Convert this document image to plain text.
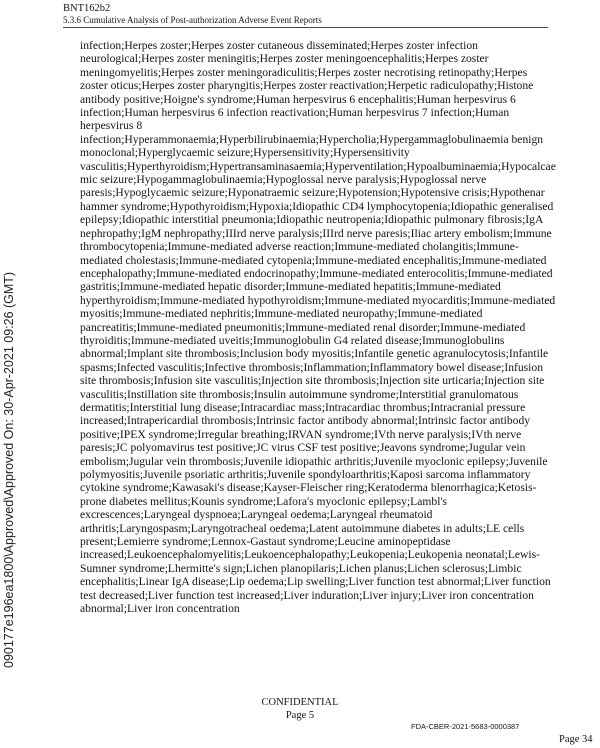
BNT162b2
5.3.6 Cumulative Analysis of Post-authorization Adverse Event Reports
090177e196ea1800\Approved\Approved On: 30-Apr-2021 09:26 (GMT)

infection;Herpes zoster;Herpes zoster cutaneous disseminated;Herpes zoster infection neurological;Herpes zoster meningitis;Herpes zoster meningoencephalitis;Herpes zoster meningomyelitis;Herpes zoster meningoradiculitis;Herpes zoster necrotising retinopathy;Herpes zoster oticus;Herpes zoster pharyngitis;Herpes zoster reactivation;Herpetic radiculopathy;Histone antibody positive;Hoigne's syndrome;Human herpesvirus 6 encephalitis;Human herpesvirus 6 infection;Human herpesvirus 6 infection reactivation;Human herpesvirus 7 infection;Human herpesvirus 8 infection;Hyperammonaemia;Hyperbilirubinaemia;Hypercholia;Hypergammaglobulinaemia benign monoclonal;Hyperglycaemic seizure;Hypersensitivity;Hypersensitivity vasculitis;Hyperthyroidism;Hypertransaminasaemia;Hyperventilation;Hypoalbuminaemia;Hypocalcaemic seizure;Hypogammaglobulinaemia;Hypoglossal nerve paralysis;Hypoglossal nerve paresis;Hypoglycaemic seizure;Hyponatraemic seizure;Hypotension;Hypotensive crisis;Hypothenar hammer syndrome;Hypothyroidism;Hypoxia;Idiopathic CD4 lymphocytopenia;Idiopathic generalised epilepsy;Idiopathic interstitial pneumonia;Idiopathic neutropenia;Idiopathic pulmonary fibrosis;IgA nephropathy;IgM nephropathy;IIIrd nerve paralysis;IIIrd nerve paresis;Iliac artery embolism;Immune thrombocytopenia;Immune-mediated adverse reaction;Immune-mediated cholangitis;Immune-mediated cholestasis;Immune-mediated cytopenia;Immune-mediated encephalitis;Immune-mediated encephalopathy;Immune-mediated endocrinopathy;Immune-mediated enterocolitis;Immune-mediated gastritis;Immune-mediated hepatic disorder;Immune-mediated hepatitis;Immune-mediated hyperthyroidism;Immune-mediated hypothyroidism;Immune-mediated myocarditis;Immune-mediated myositis;Immune-mediated nephritis;Immune-mediated neuropathy;Immune-mediated pancreatitis;Immune-mediated pneumonitis;Immune-mediated renal disorder;Immune-mediated thyroiditis;Immune-mediated uveitis;Immunoglobulin G4 related disease;Immunoglobulins abnormal;Implant site thrombosis;Inclusion body myositis;Infantile genetic agranulocytosis;Infantile spasms;Infected vasculitis;Infective thrombosis;Inflammation;Inflammatory bowel disease;Infusion site thrombosis;Infusion site vasculitis;Injection site thrombosis;Injection site urticaria;Injection site vasculitis;Instillation site thrombosis;Insulin autoimmune syndrome;Interstitial granulomatous dermatitis;Interstitial lung disease;Intracardiac mass;Intracardiac thrombus;Intracranial pressure increased;Intrapericardial thrombosis;Intrinsic factor antibody abnormal;Intrinsic factor antibody positive;IPEX syndrome;Irregular breathing;IRVAN syndrome;IVth nerve paralysis;IVth nerve paresis;JC polyomavirus test positive;JC virus CSF test positive;Jeavons syndrome;Jugular vein embolism;Jugular vein thrombosis;Juvenile idiopathic arthritis;Juvenile myoclonic epilepsy;Juvenile polymyositis;Juvenile psoriatic arthritis;Juvenile spondyloarthritis;Kaposi sarcoma inflammatory cytokine syndrome;Kawasaki's disease;Kayser-Fleischer ring;Keratoderma blenorrhagica;Ketosis-prone diabetes mellitus;Kounis syndrome;Lafora's myoclonic epilepsy;Lambl's excrescences;Laryngeal dyspnoea;Laryngeal oedema;Laryngeal rheumatoid arthritis;Laryngospasm;Laryngotracheal oedema;Latent autoimmune diabetes in adults;LE cells present;Lemierre syndrome;Lennox-Gastaut syndrome;Leucine aminopeptidase increased;Leukoencephalomyelitis;Leukoencephalopathy;Leukopenia;Leukopenia neonatal;Lewis-Sumner syndrome;Lhermitte's sign;Lichen planopilaris;Lichen planus;Lichen sclerosus;Limbic encephalitis;Linear IgA disease;Lip oedema;Lip swelling;Liver function test abnormal;Liver function test decreased;Liver function test increased;Liver induration;Liver injury;Liver iron concentration abnormal;Liver iron concentration

CONFIDENTIAL
Page 5
FDA-CBER-2021-5683-0000387
Page 34
